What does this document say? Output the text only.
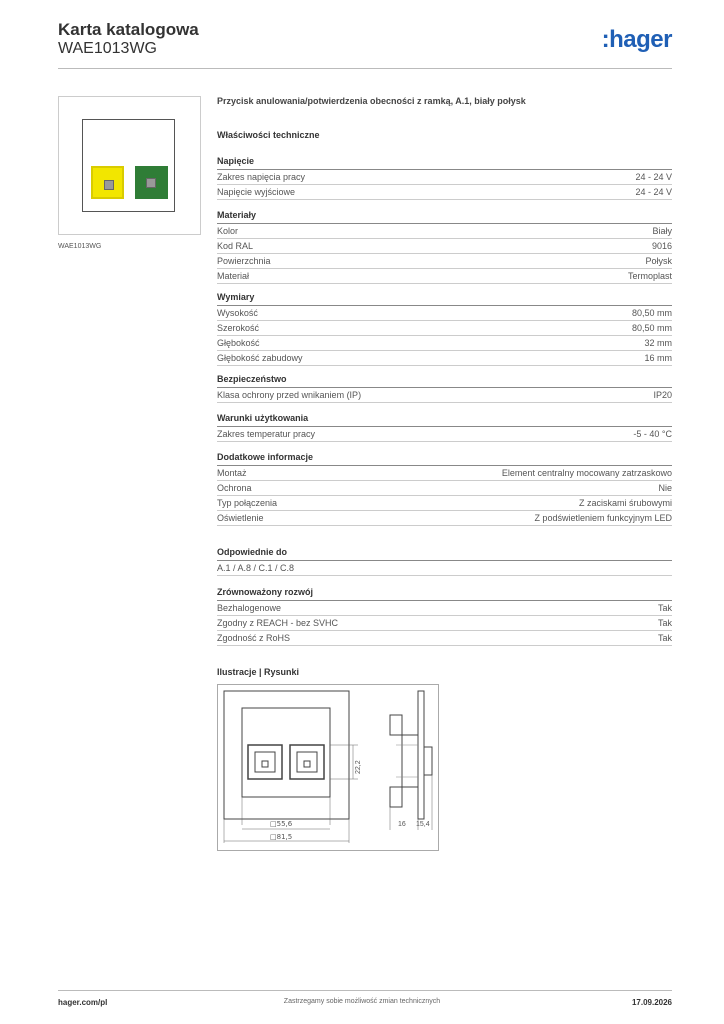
Karta katalogowa
WAE1013WG	:hager
WAE1013WG
Przycisk anulowania/potwierdzenia obecności z ramką, A.1, biały połysk
Właściwości techniczne
Napięcie
Zakres napięcia pracy	24 - 24 V
Napięcie wyjściowe	24 - 24 V
Materiały
Kolor	Biały
Kod RAL	9016
Powierzchnia	Połysk
Materiał	Termoplast
Wymiary
Wysokość	80,50 mm
Szerokość	80,50 mm
Głębokość	32 mm
Głębokość zabudowy	16 mm
Bezpieczeństwo
Klasa ochrony przed wnikaniem (IP)	IP20
Warunki użytkowania
Zakres temperatur pracy	-5 - 40 °C
Dodatkowe informacje
Montaż	Element centralny mocowany zatrzaskowo
Ochrona	Nie
Typ połączenia	Z zaciskami śrubowymi
Oświetlenie	Z podświetleniem funkcyjnym LED
Odpowiednie do
A.1 / A.8 / C.1 / C.8
Zrównoważony rozwój
Bezhalogenowe	Tak
Zgodny z REACH - bez SVHC	Tak
Zgodność z RoHS	Tak
Ilustracje | Rysunki
22,2
□55,6
□81,5
16 15,4
hager.com/pl	Zastrzegamy sobie możliwość zmian technicznych	17.09.2026
